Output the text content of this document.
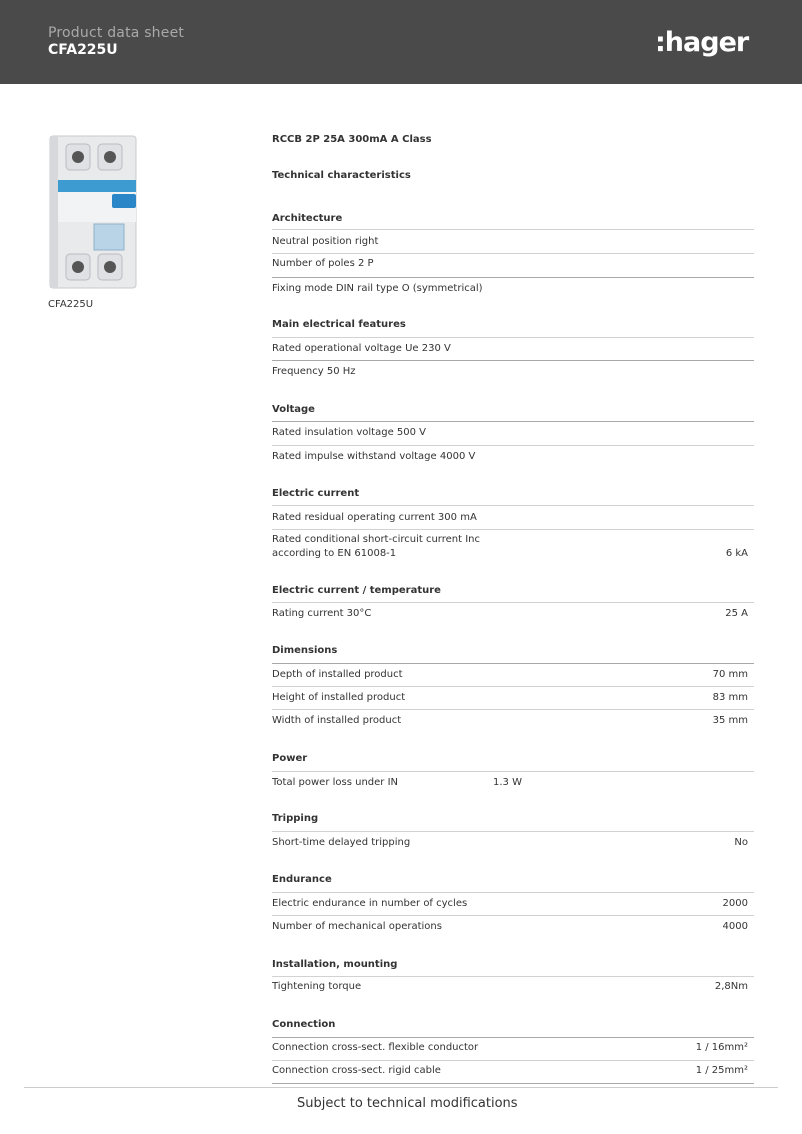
Product data sheet
CFA225U	:hager
CFA225U
RCCB 2P 25A 300mA A Class
Technical characteristics
Architecture
Neutral position right
Number of poles 2 P
Fixing mode DIN rail type O (symmetrical)
Main electrical features
Rated operational voltage Ue 230 V
Frequency 50 Hz
Voltage
Rated insulation voltage 500 V
Rated impulse withstand voltage 4000 V
Electric current
Rated residual operating current 300 mA
Rated conditional short-circuit current Inc
according to EN 61008-1	6 kA
Electric current / temperature
Rating current 30°C	25 A
Dimensions
Depth of installed product	70 mm
Height of installed product	83 mm
Width of installed product	35 mm
Power
Total power loss under IN	1.3 W
Tripping
Short-time delayed tripping	No
Endurance
Electric endurance in number of cycles	2000
Number of mechanical operations	4000
Installation, mounting
Tightening torque	2,8Nm
Connection
Connection cross-sect. flexible conductor	1 / 16mm²
Connection cross-sect. rigid cable	1 / 25mm²
Subject to technical modifications
